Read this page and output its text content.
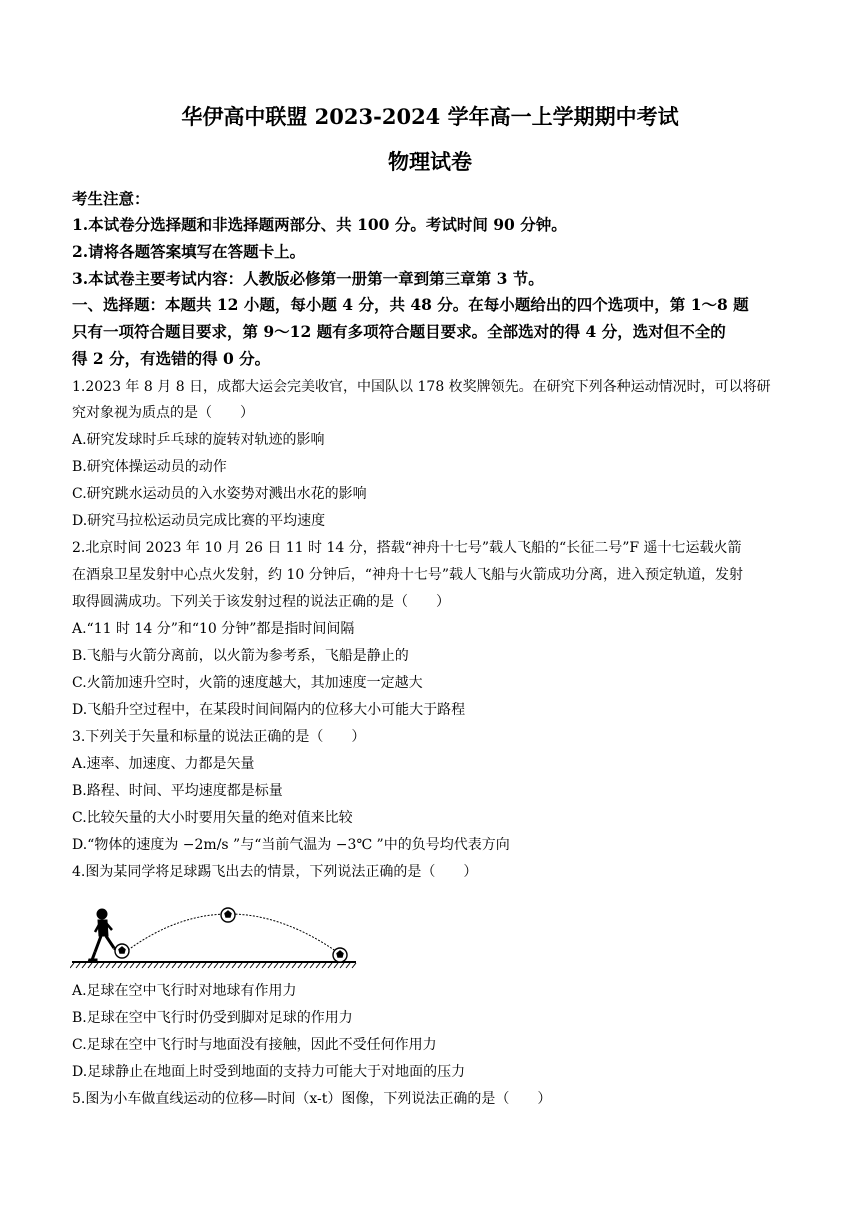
华伊高中联盟 2023-2024 学年高一上学期期中考试
物理试卷
考生注意：
1.本试卷分选择题和非选择题两部分、共 100 分。考试时间 90 分钟。
2.请将各题答案填写在答题卡上。
3.本试卷主要考试内容：人教版必修第一册第一章到第三章第 3 节。
一、选择题：本题共 12 小题，每小题 4 分，共 48 分。在每小题给出的四个选项中，第 1～8 题
只有一项符合题目要求，第 9～12 题有多项符合题目要求。全部选对的得 4 分，选对但不全的
得 2 分，有选错的得 0 分。
1.2023 年 8 月 8 日，成都大运会完美收官，中国队以 178 枚奖牌领先。在研究下列各种运动情况时，可以将研
究对象视为质点的是（　　）
A.研究发球时乒乓球的旋转对轨迹的影响
B.研究体操运动员的动作
C.研究跳水运动员的入水姿势对溅出水花的影响
D.研究马拉松运动员完成比赛的平均速度
2.北京时间 2023 年 10 月 26 日 11 时 14 分，搭载“神舟十七号”载人飞船的“长征二号”F 遥十七运载火箭
在酒泉卫星发射中心点火发射，约 10 分钟后，“神舟十七号”载人飞船与火箭成功分离，进入预定轨道，发射
取得圆满成功。下列关于该发射过程的说法正确的是（　　）
A.“11 时 14 分”和“10 分钟”都是指时间间隔
B.飞船与火箭分离前，以火箭为参考系，飞船是静止的
C.火箭加速升空时，火箭的速度越大，其加速度一定越大
D.飞船升空过程中，在某段时间间隔内的位移大小可能大于路程
3.下列关于矢量和标量的说法正确的是（　　）
A.速率、加速度、力都是矢量
B.路程、时间、平均速度都是标量
C.比较矢量的大小时要用矢量的绝对值来比较
D.“物体的速度为 −2m/s ”与“当前气温为 −3℃ ”中的负号均代表方向
4.图为某同学将足球踢飞出去的情景，下列说法正确的是（　　）
A.足球在空中飞行时对地球有作用力
B.足球在空中飞行时仍受到脚对足球的作用力
C.足球在空中飞行时与地面没有接触，因此不受任何作用力
D.足球静止在地面上时受到地面的支持力可能大于对地面的压力
5.图为小车做直线运动的位移—时间（x-t）图像，下列说法正确的是（　　）
